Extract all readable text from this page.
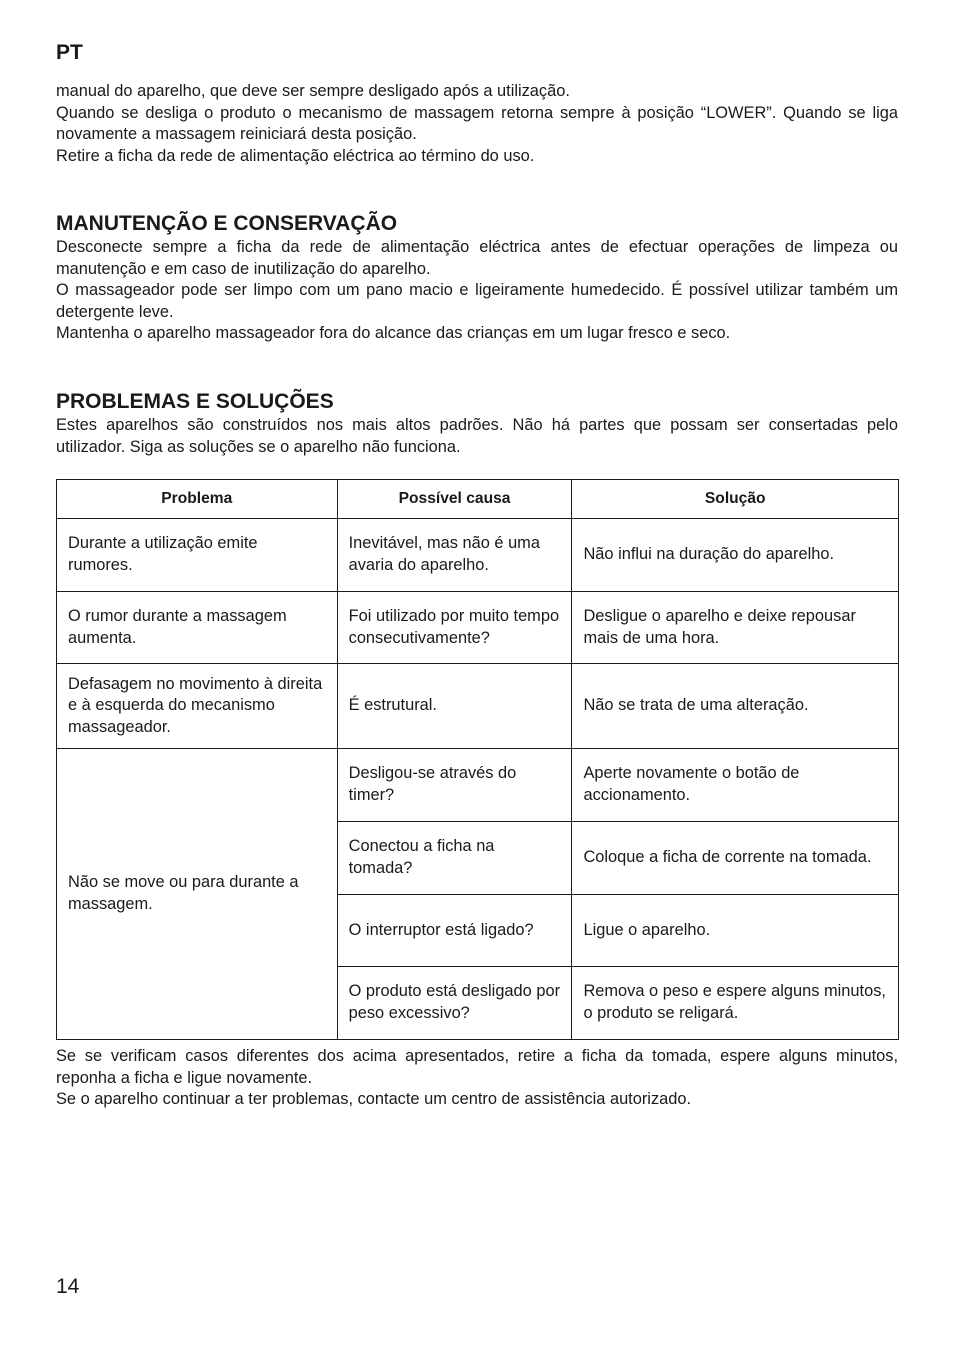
PT

manual do aparelho, que deve ser sempre desligado após a utilização.

Quando se desliga o produto o mecanismo de massagem retorna sempre à posição “LOWER”. Quando se liga novamente a massagem reiniciará desta posição.

Retire a ficha da rede de alimentação eléctrica ao término do uso.

MANUTENÇÃO E CONSERVAÇÃO

Desconecte sempre a ficha da rede de alimentação eléctrica antes de efectuar operações de limpeza ou manutenção e em caso de inutilização do aparelho.

O massageador pode ser limpo com um pano macio e ligeiramente humedecido. É possível utilizar também um detergente leve.

Mantenha o aparelho massageador fora do alcance das crianças em um lugar fresco e seco.

PROBLEMAS E SOLUÇÕES

Estes aparelhos são construídos nos mais altos padrões. Não há partes que possam ser consertadas pelo utilizador. Siga as soluções se o aparelho não funciona.

Problema	Possível causa	Solução
Durante a utilização emite rumores.	Inevitável, mas não é uma avaria do aparelho.	Não influi na duração do aparelho.
O rumor durante a massagem aumenta.	Foi utilizado por muito tempo consecutivamente?	Desligue o aparelho e deixe repousar mais de uma hora.
Defasagem no movimento à direita e à esquerda do mecanismo massageador.	É estrutural.	Não se trata de uma alteração.
Não se move ou para durante a massagem.	Desligou-se através do timer?	Aperte novamente o botão de accionamento.
	Conectou a ficha na tomada?	Coloque a ficha de corrente na tomada.
	O interruptor está ligado?	Ligue o aparelho.
	O produto está desligado por peso excessivo?	Remova o peso e espere alguns minutos, o produto se religará.

Se se verificam casos diferentes dos acima apresentados, retire a ficha da tomada, espere alguns minutos, reponha a ficha e ligue novamente.

Se o aparelho continuar a ter problemas, contacte um centro de assistência autorizado.

14
